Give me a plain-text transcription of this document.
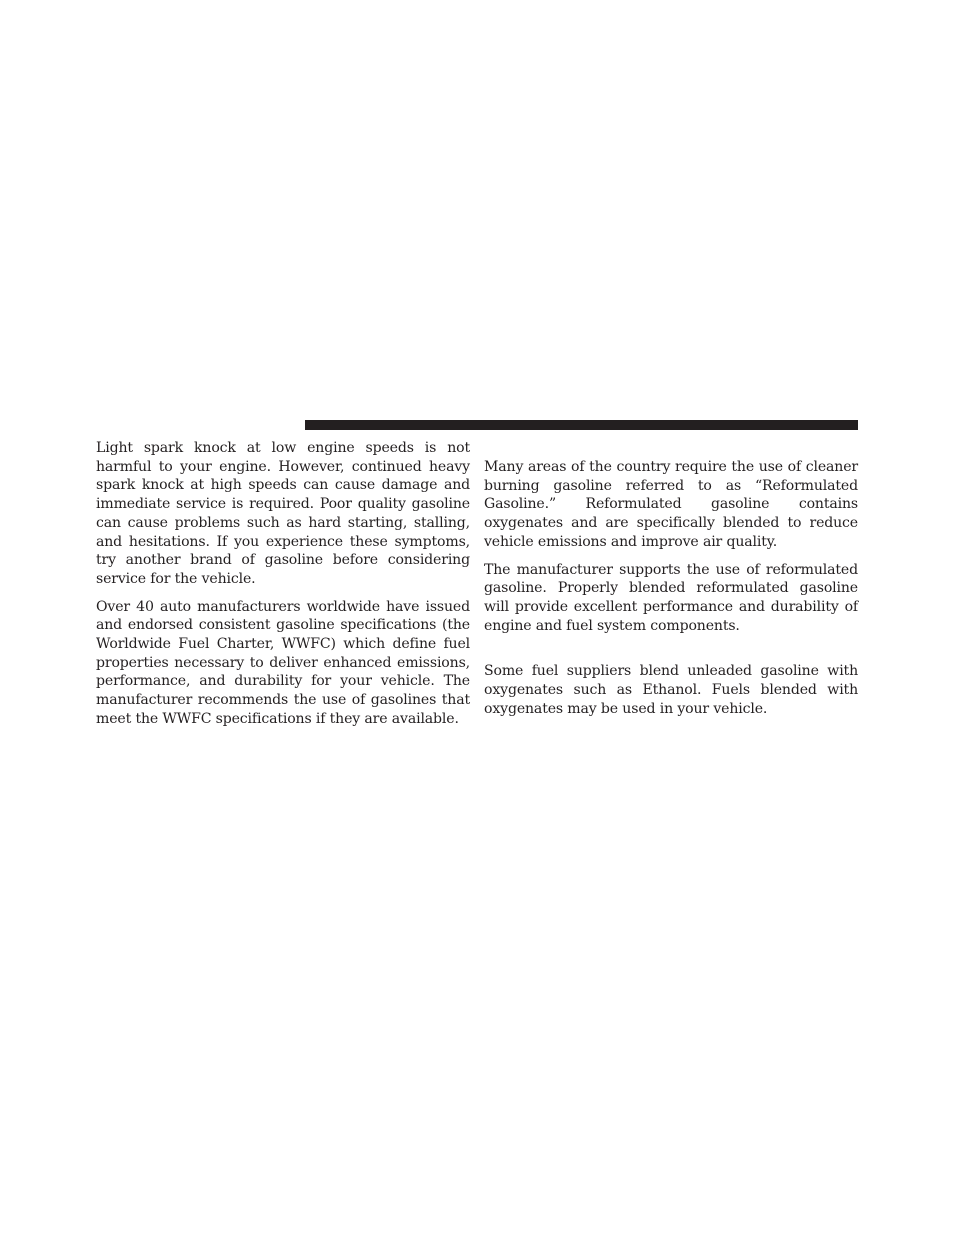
Light spark knock at low engine speeds is not harmful to your engine. However, continued heavy spark knock at high speeds can cause damage and immediate service is required. Poor quality gasoline can cause problems such as hard starting, stalling, and hesitations. If you experience these symptoms, try another brand of gasoline before considering service for the vehicle.

Over 40 auto manufacturers worldwide have issued and endorsed consistent gasoline specifications (the Worldwide Fuel Charter, WWFC) which define fuel properties necessary to deliver enhanced emissions, performance, and durability for your vehicle. The manufacturer recommends the use of gasolines that meet the WWFC specifications if they are available.

Many areas of the country require the use of cleaner burning gasoline referred to as “Reformulated Gasoline.” Reformulated gasoline contains oxygenates and are specifically blended to reduce vehicle emissions and improve air quality.

The manufacturer supports the use of reformulated gasoline. Properly blended reformulated gasoline will provide excellent performance and durability of engine and fuel system components.

Some fuel suppliers blend unleaded gasoline with oxygenates such as Ethanol. Fuels blended with oxygenates may be used in your vehicle.
